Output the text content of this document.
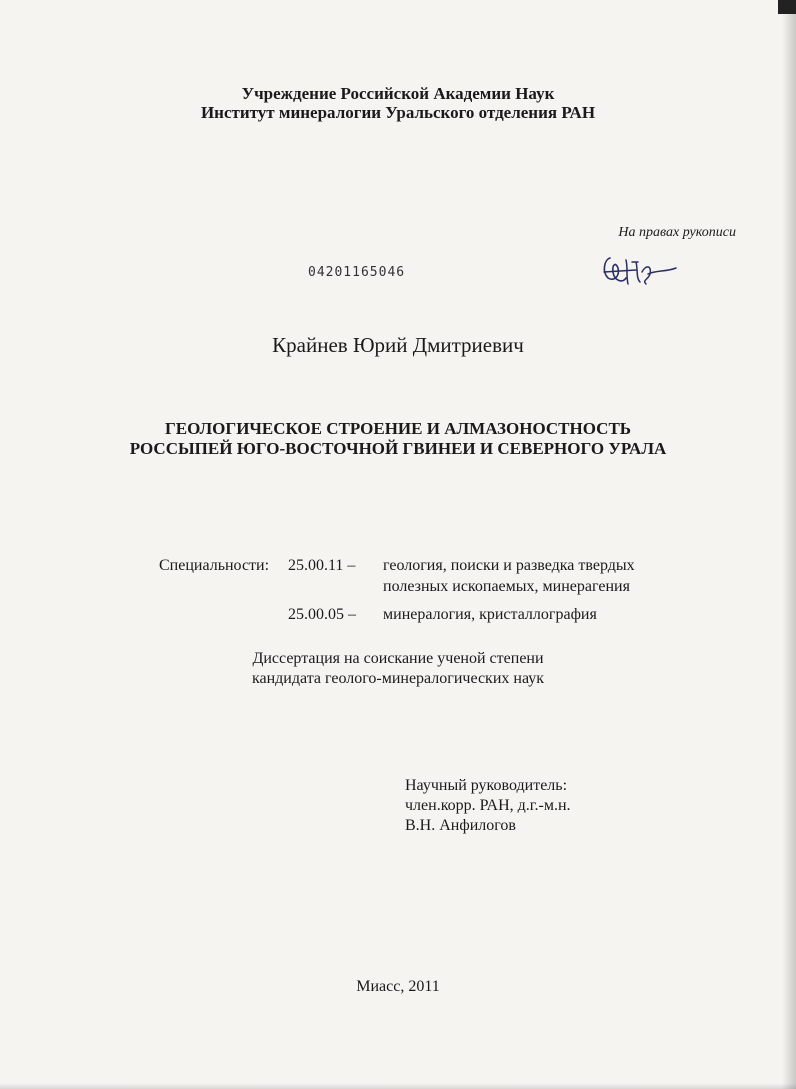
Учреждение Российской Академии Наук
Институт минералогии Уральского отделения РАН
На правах рукописи
04201165046
Крайнев Юрий Дмитриевич
ГЕОЛОГИЧЕСКОЕ СТРОЕНИЕ И АЛМАЗОНОСТНОСТЬ
РОССЫПЕЙ ЮГО-ВОСТОЧНОЙ ГВИНЕИ И СЕВЕРНОГО УРАЛА
Специальности: 25.00.11 – геология, поиски и разведка твердых
полезных ископаемых, минерагения
25.00.05 – минералогия, кристаллография
Диссертация на соискание ученой степени
кандидата геолого-минералогических наук
Научный руководитель:
член.корр. РАН, д.г.-м.н.
В.Н. Анфилогов
Миасс, 2011
